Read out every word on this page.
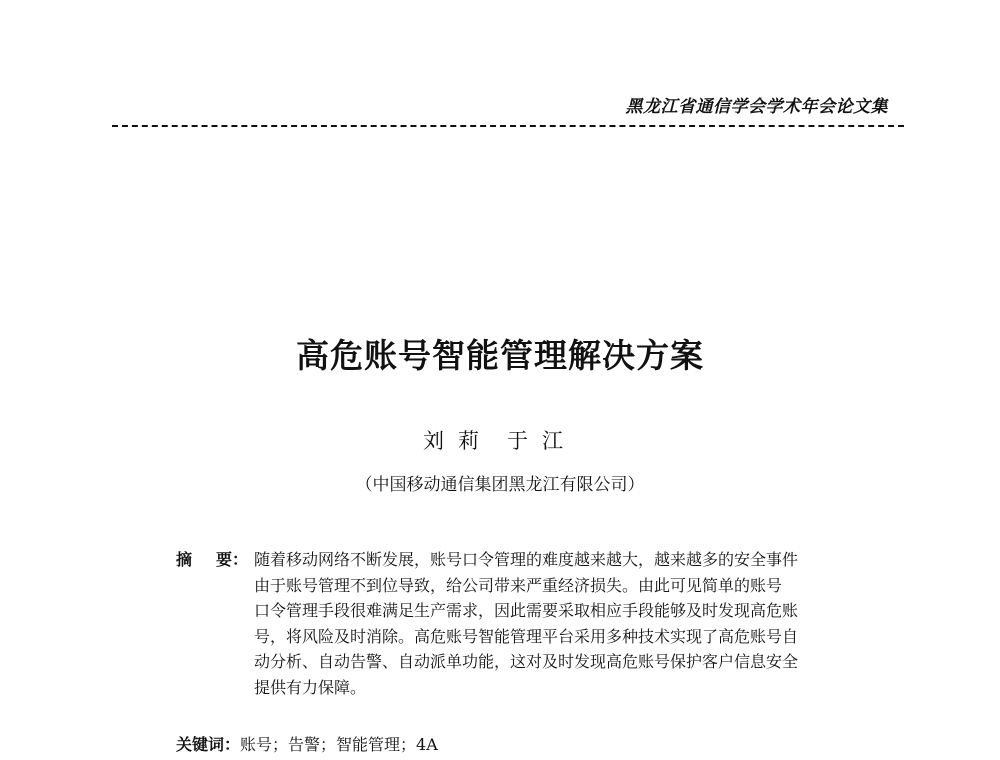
黑龙江省通信学会学术年会论文集
高危账号智能管理解决方案
刘莉 于江
（中国移动通信集团黑龙江有限公司）
摘 要： 随着移动网络不断发展，账号口令管理的难度越来越大，越来越多的安全事件
由于账号管理不到位导致，给公司带来严重经济损失。由此可见简单的账号
口令管理手段很难满足生产需求，因此需要采取相应手段能够及时发现高危账
号，将风险及时消除。高危账号智能管理平台采用多种技术实现了高危账号自
动分析、自动告警、自动派单功能，这对及时发现高危账号保护客户信息安全
提供有力保障。
关键词：账号；告警；智能管理；4A
